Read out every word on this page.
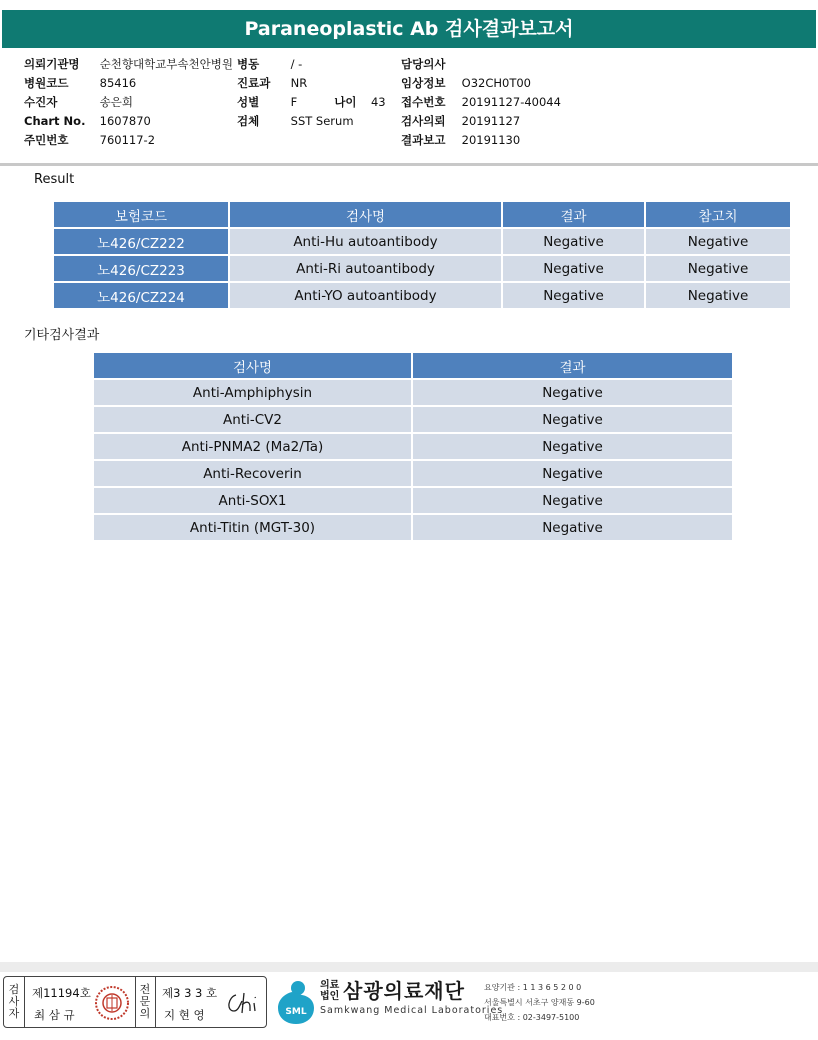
Paraneoplastic Ab 검사결과보고서
의뢰기관명 순천향대학교부속천안병원
병원코드	85416
수진자	송은희
Chart No. 1607870
주민번호	760117-2
병동	/ -
진료과 NR
성별	F	나이 43
검체	SST Serum
담당의사
임상정보 O32CH0T00
접수번호 20191127-40044
검사의뢰 20191127
결과보고 20191130
Result
보험코드	검사명	결과	참고치
노426/CZ222	Anti-Hu autoantibody	Negative	Negative
노426/CZ223	Anti-Ri autoantibody	Negative	Negative
노426/CZ224	Anti-YO autoantibody	Negative	Negative
기타검사결과
검사명	결과
Anti-Amphiphysin	Negative
Anti-CV2	Negative
Anti-PNMA2 (Ma2/Ta)	Negative
Anti-Recoverin	Negative
Anti-SOX1	Negative
Anti-Titin (MGT-30)	Negative
검
사
자
제11194호
최 삼 규
전
문
의
제3 3 3 호
지 현 영	SML
의료
법인 삼광의료재단
Samkwang Medical Laboratories
요양기관 : 1 1 3 6 5 2 0 0
서울특별시 서초구 양재동 9-60
대표번호 : 02-3497-5100
